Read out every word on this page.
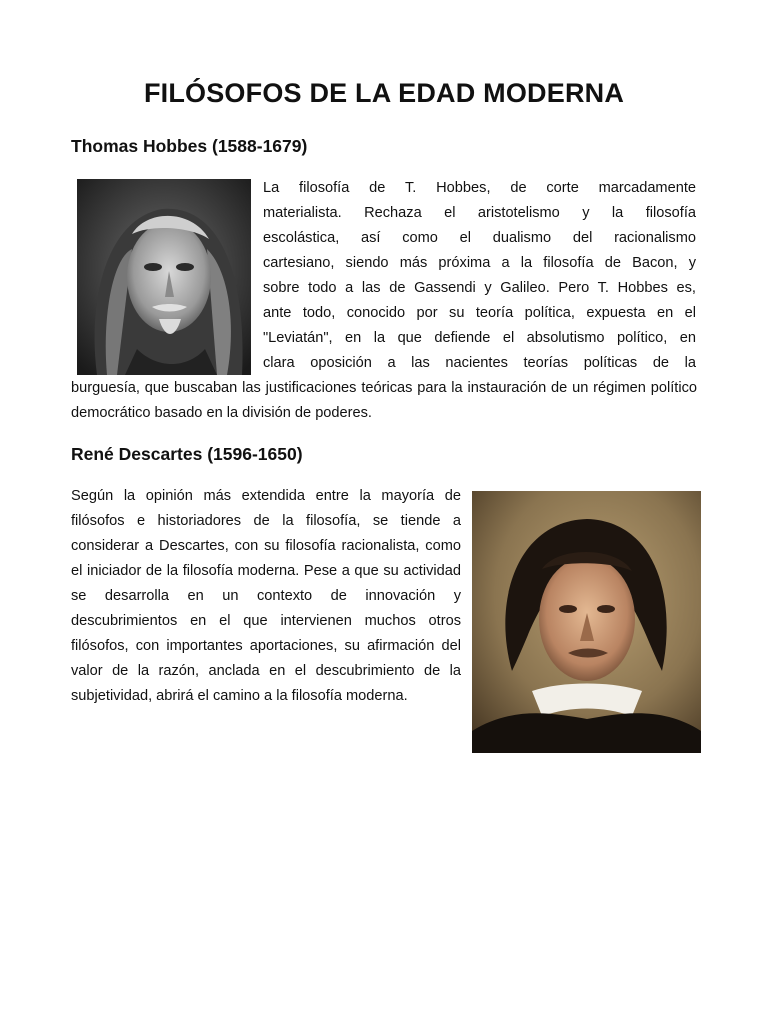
FILÓSOFOS DE LA EDAD MODERNA
Thomas Hobbes (1588-1679)
La filosofía de T. Hobbes, de corte marcadamente
materialista. Rechaza el aristotelismo y la filosofía
escolástica, así como el dualismo del racionalismo
cartesiano, siendo más próxima a la filosofía de Bacon, y
sobre todo a las de Gassendi y Galileo. Pero T. Hobbes es,
ante todo, conocido por su teoría política, expuesta en el
"Leviatán", en la que defiende el absolutismo político, en
clara oposición a las nacientes teorías políticas de la

burguesía, que buscaban las justificaciones teóricas para la instauración de un régimen político democrático basado en la división de poderes.

René Descartes (1596-1650)

Según la opinión más extendida entre la mayoría de filósofos e historiadores de la filosofía, se tiende a considerar a Descartes, con su filosofía racionalista, como el iniciador de la filosofía moderna. Pese a que su actividad se desarrolla en un contexto de innovación y descubrimientos en el que intervienen muchos otros filósofos, con importantes aportaciones, su afirmación del valor de la razón, anclada en el descubrimiento de la subjetividad, abrirá el camino a la filosofía moderna.
